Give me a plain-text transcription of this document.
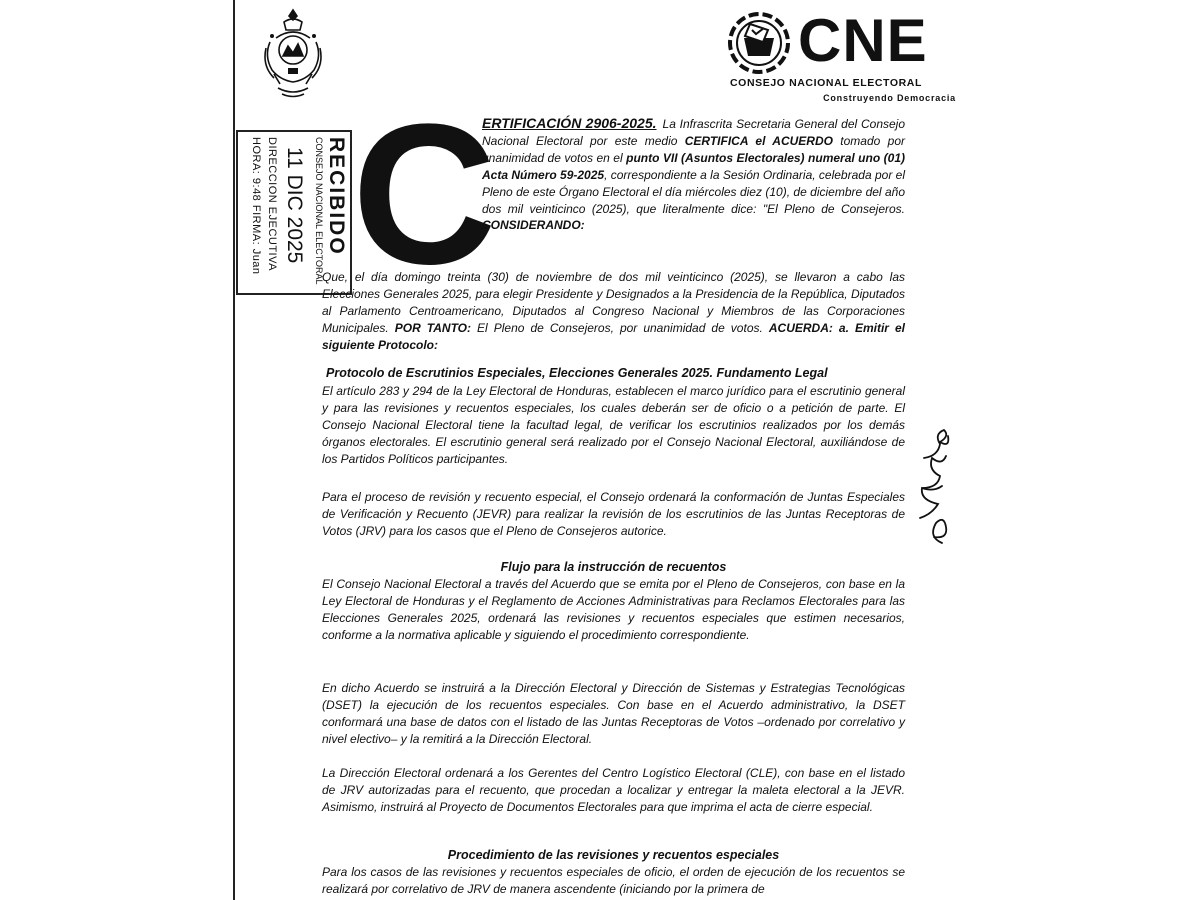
CNE
CONSEJO NACIONAL ELECTORAL
Construyendo Democracia
C
RECIBIDO
CONSEJO NACIONAL ELECTORAL
11 DIC 2025
DIRECCION EJECUTIVA
HORA: 9:48 FIRMA: Juan
ERTIFICACIÓN 2906-2025. La Infrascrita Secretaria General del Consejo Nacional Electoral por este medio CERTIFICA el ACUERDO tomado por unanimidad de votos en el punto VII (Asuntos Electorales) numeral uno (01) Acta Número 59-2025, correspondiente a la Sesión Ordinaria, celebrada por el Pleno de este Órgano Electoral el día miércoles diez (10), de diciembre del año dos mil veinticinco (2025), que literalmente dice: "El Pleno de Consejeros. CONSIDERANDO:
Que, el día domingo treinta (30) de noviembre de dos mil veinticinco (2025), se llevaron a cabo las Elecciones Generales 2025, para elegir Presidente y Designados a la Presidencia de la República, Diputados al Parlamento Centroamericano, Diputados al Congreso Nacional y Miembros de las Corporaciones Municipales. POR TANTO: El Pleno de Consejeros, por unanimidad de votos. ACUERDA: a. Emitir el siguiente Protocolo:
Protocolo de Escrutinios Especiales, Elecciones Generales 2025. Fundamento Legal
El artículo 283 y 294 de la Ley Electoral de Honduras, establecen el marco jurídico para el escrutinio general y para las revisiones y recuentos especiales, los cuales deberán ser de oficio o a petición de parte. El Consejo Nacional Electoral tiene la facultad legal, de verificar los escrutinios realizados por los demás órganos electorales. El escrutinio general será realizado por el Consejo Nacional Electoral, auxiliándose de los Partidos Políticos participantes.
Para el proceso de revisión y recuento especial, el Consejo ordenará la conformación de Juntas Especiales de Verificación y Recuento (JEVR) para realizar la revisión de los escrutinios de las Juntas Receptoras de Votos (JRV) para los casos que el Pleno de Consejeros autorice.
Flujo para la instrucción de recuentos
El Consejo Nacional Electoral a través del Acuerdo que se emita por el Pleno de Consejeros, con base en la Ley Electoral de Honduras y el Reglamento de Acciones Administrativas para Reclamos Electorales para las Elecciones Generales 2025, ordenará las revisiones y recuentos especiales que estimen necesarios, conforme a la normativa aplicable y siguiendo el procedimiento correspondiente.
En dicho Acuerdo se instruirá a la Dirección Electoral y Dirección de Sistemas y Estrategias Tecnológicas (DSET) la ejecución de los recuentos especiales. Con base en el Acuerdo administrativo, la DSET conformará una base de datos con el listado de las Juntas Receptoras de Votos –ordenado por correlativo y nivel electivo– y la remitirá a la Dirección Electoral.
La Dirección Electoral ordenará a los Gerentes del Centro Logístico Electoral (CLE), con base en el listado de JRV autorizadas para el recuento, que procedan a localizar y entregar la maleta electoral a la JEVR. Asimismo, instruirá al Proyecto de Documentos Electorales para que imprima el acta de cierre especial.
Procedimiento de las revisiones y recuentos especiales
Para los casos de las revisiones y recuentos especiales de oficio, el orden de ejecución de los recuentos se realizará por correlativo de JRV de manera ascendente (iniciando por la primera de
